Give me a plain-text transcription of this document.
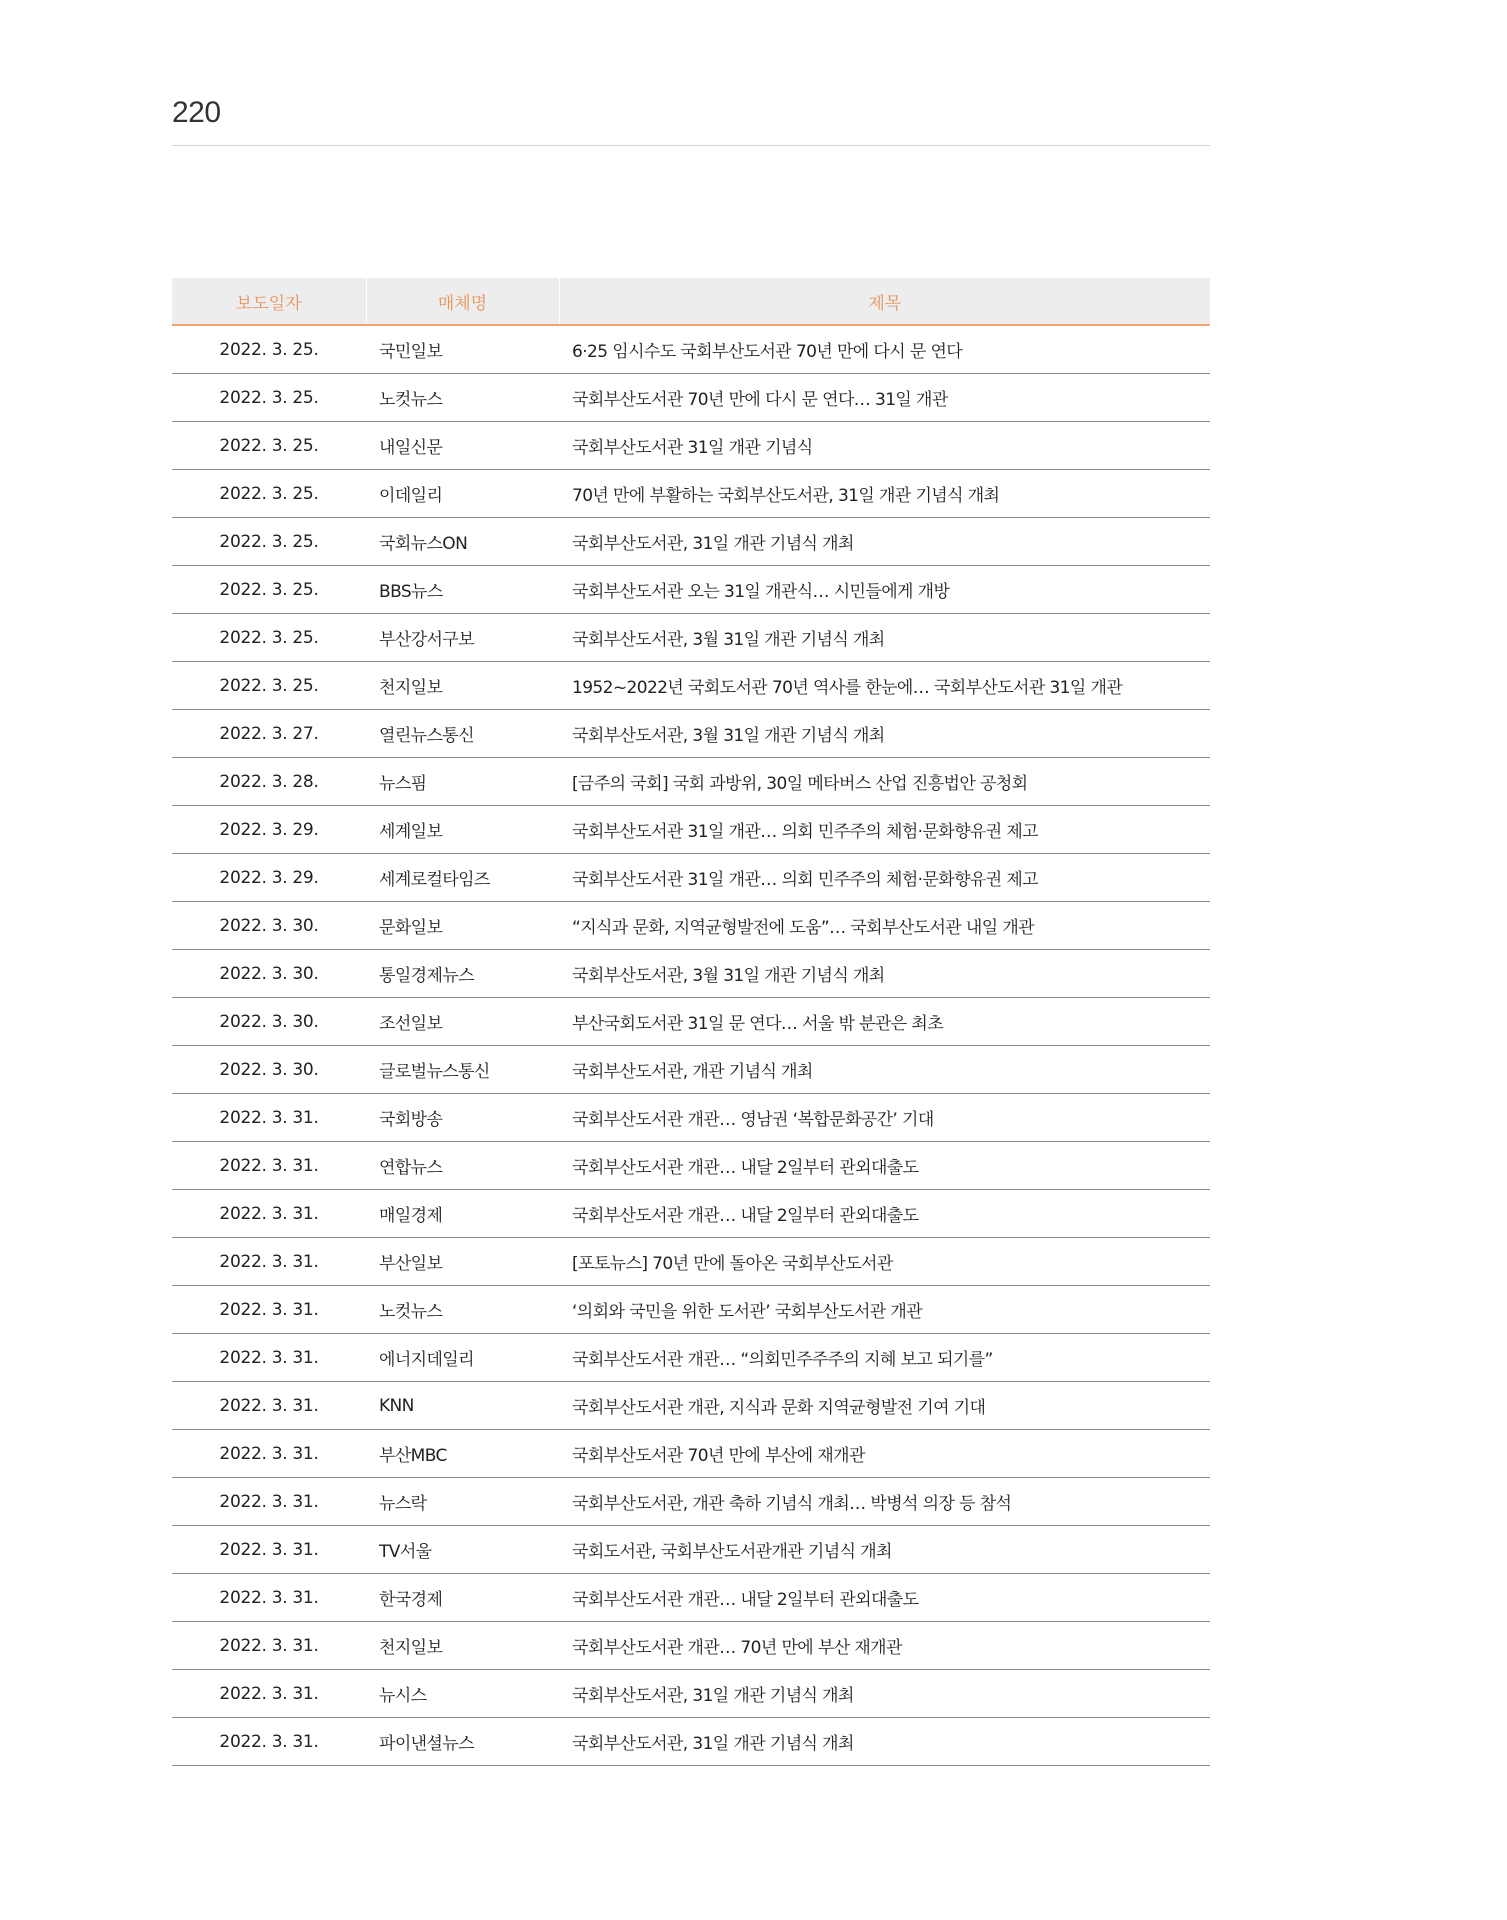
220
보도일자	매체명	제목
2022. 3. 25.	국민일보	6·25 임시수도 국회부산도서관 70년 만에 다시 문 연다
2022. 3. 25.	노컷뉴스	국회부산도서관 70년 만에 다시 문 연다… 31일 개관
2022. 3. 25.	내일신문	국회부산도서관 31일 개관 기념식
2022. 3. 25.	이데일리	70년 만에 부활하는 국회부산도서관, 31일 개관 기념식 개최
2022. 3. 25.	국회뉴스ON	국회부산도서관, 31일 개관 기념식 개최
2022. 3. 25.	BBS뉴스	국회부산도서관 오는 31일 개관식… 시민들에게 개방
2022. 3. 25.	부산강서구보	국회부산도서관, 3월 31일 개관 기념식 개최
2022. 3. 25.	천지일보	1952~2022년 국회도서관 70년 역사를 한눈에… 국회부산도서관 31일 개관
2022. 3. 27.	열린뉴스통신	국회부산도서관, 3월 31일 개관 기념식 개최
2022. 3. 28.	뉴스핌	[금주의 국회] 국회 과방위, 30일 메타버스 산업 진흥법안 공청회
2022. 3. 29.	세계일보	국회부산도서관 31일 개관… 의회 민주주의 체험·문화향유권 제고
2022. 3. 29.	세계로컬타임즈	국회부산도서관 31일 개관… 의회 민주주의 체험·문화향유권 제고
2022. 3. 30.	문화일보	“지식과 문화, 지역균형발전에 도움”… 국회부산도서관 내일 개관
2022. 3. 30.	통일경제뉴스	국회부산도서관, 3월 31일 개관 기념식 개최
2022. 3. 30.	조선일보	부산국회도서관 31일 문 연다… 서울 밖 분관은 최초
2022. 3. 30.	글로벌뉴스통신	국회부산도서관, 개관 기념식 개최
2022. 3. 31.	국회방송	국회부산도서관 개관… 영남권 ‘복합문화공간’ 기대
2022. 3. 31.	연합뉴스	국회부산도서관 개관… 내달 2일부터 관외대출도
2022. 3. 31.	매일경제	국회부산도서관 개관… 내달 2일부터 관외대출도
2022. 3. 31.	부산일보	[포토뉴스] 70년 만에 돌아온 국회부산도서관
2022. 3. 31.	노컷뉴스	‘의회와 국민을 위한 도서관’ 국회부산도서관 개관
2022. 3. 31.	에너지데일리	국회부산도서관 개관… “의회민주주주의 지혜 보고 되기를”
2022. 3. 31.	KNN	국회부산도서관 개관, 지식과 문화 지역균형발전 기여 기대
2022. 3. 31.	부산MBC	국회부산도서관 70년 만에 부산에 재개관
2022. 3. 31.	뉴스락	국회부산도서관, 개관 축하 기념식 개최… 박병석 의장 등 참석
2022. 3. 31.	TV서울	국회도서관, 국회부산도서관개관 기념식 개최
2022. 3. 31.	한국경제	국회부산도서관 개관… 내달 2일부터 관외대출도
2022. 3. 31.	천지일보	국회부산도서관 개관… 70년 만에 부산 재개관
2022. 3. 31.	뉴시스	국회부산도서관, 31일 개관 기념식 개최
2022. 3. 31.	파이낸셜뉴스	국회부산도서관, 31일 개관 기념식 개최
